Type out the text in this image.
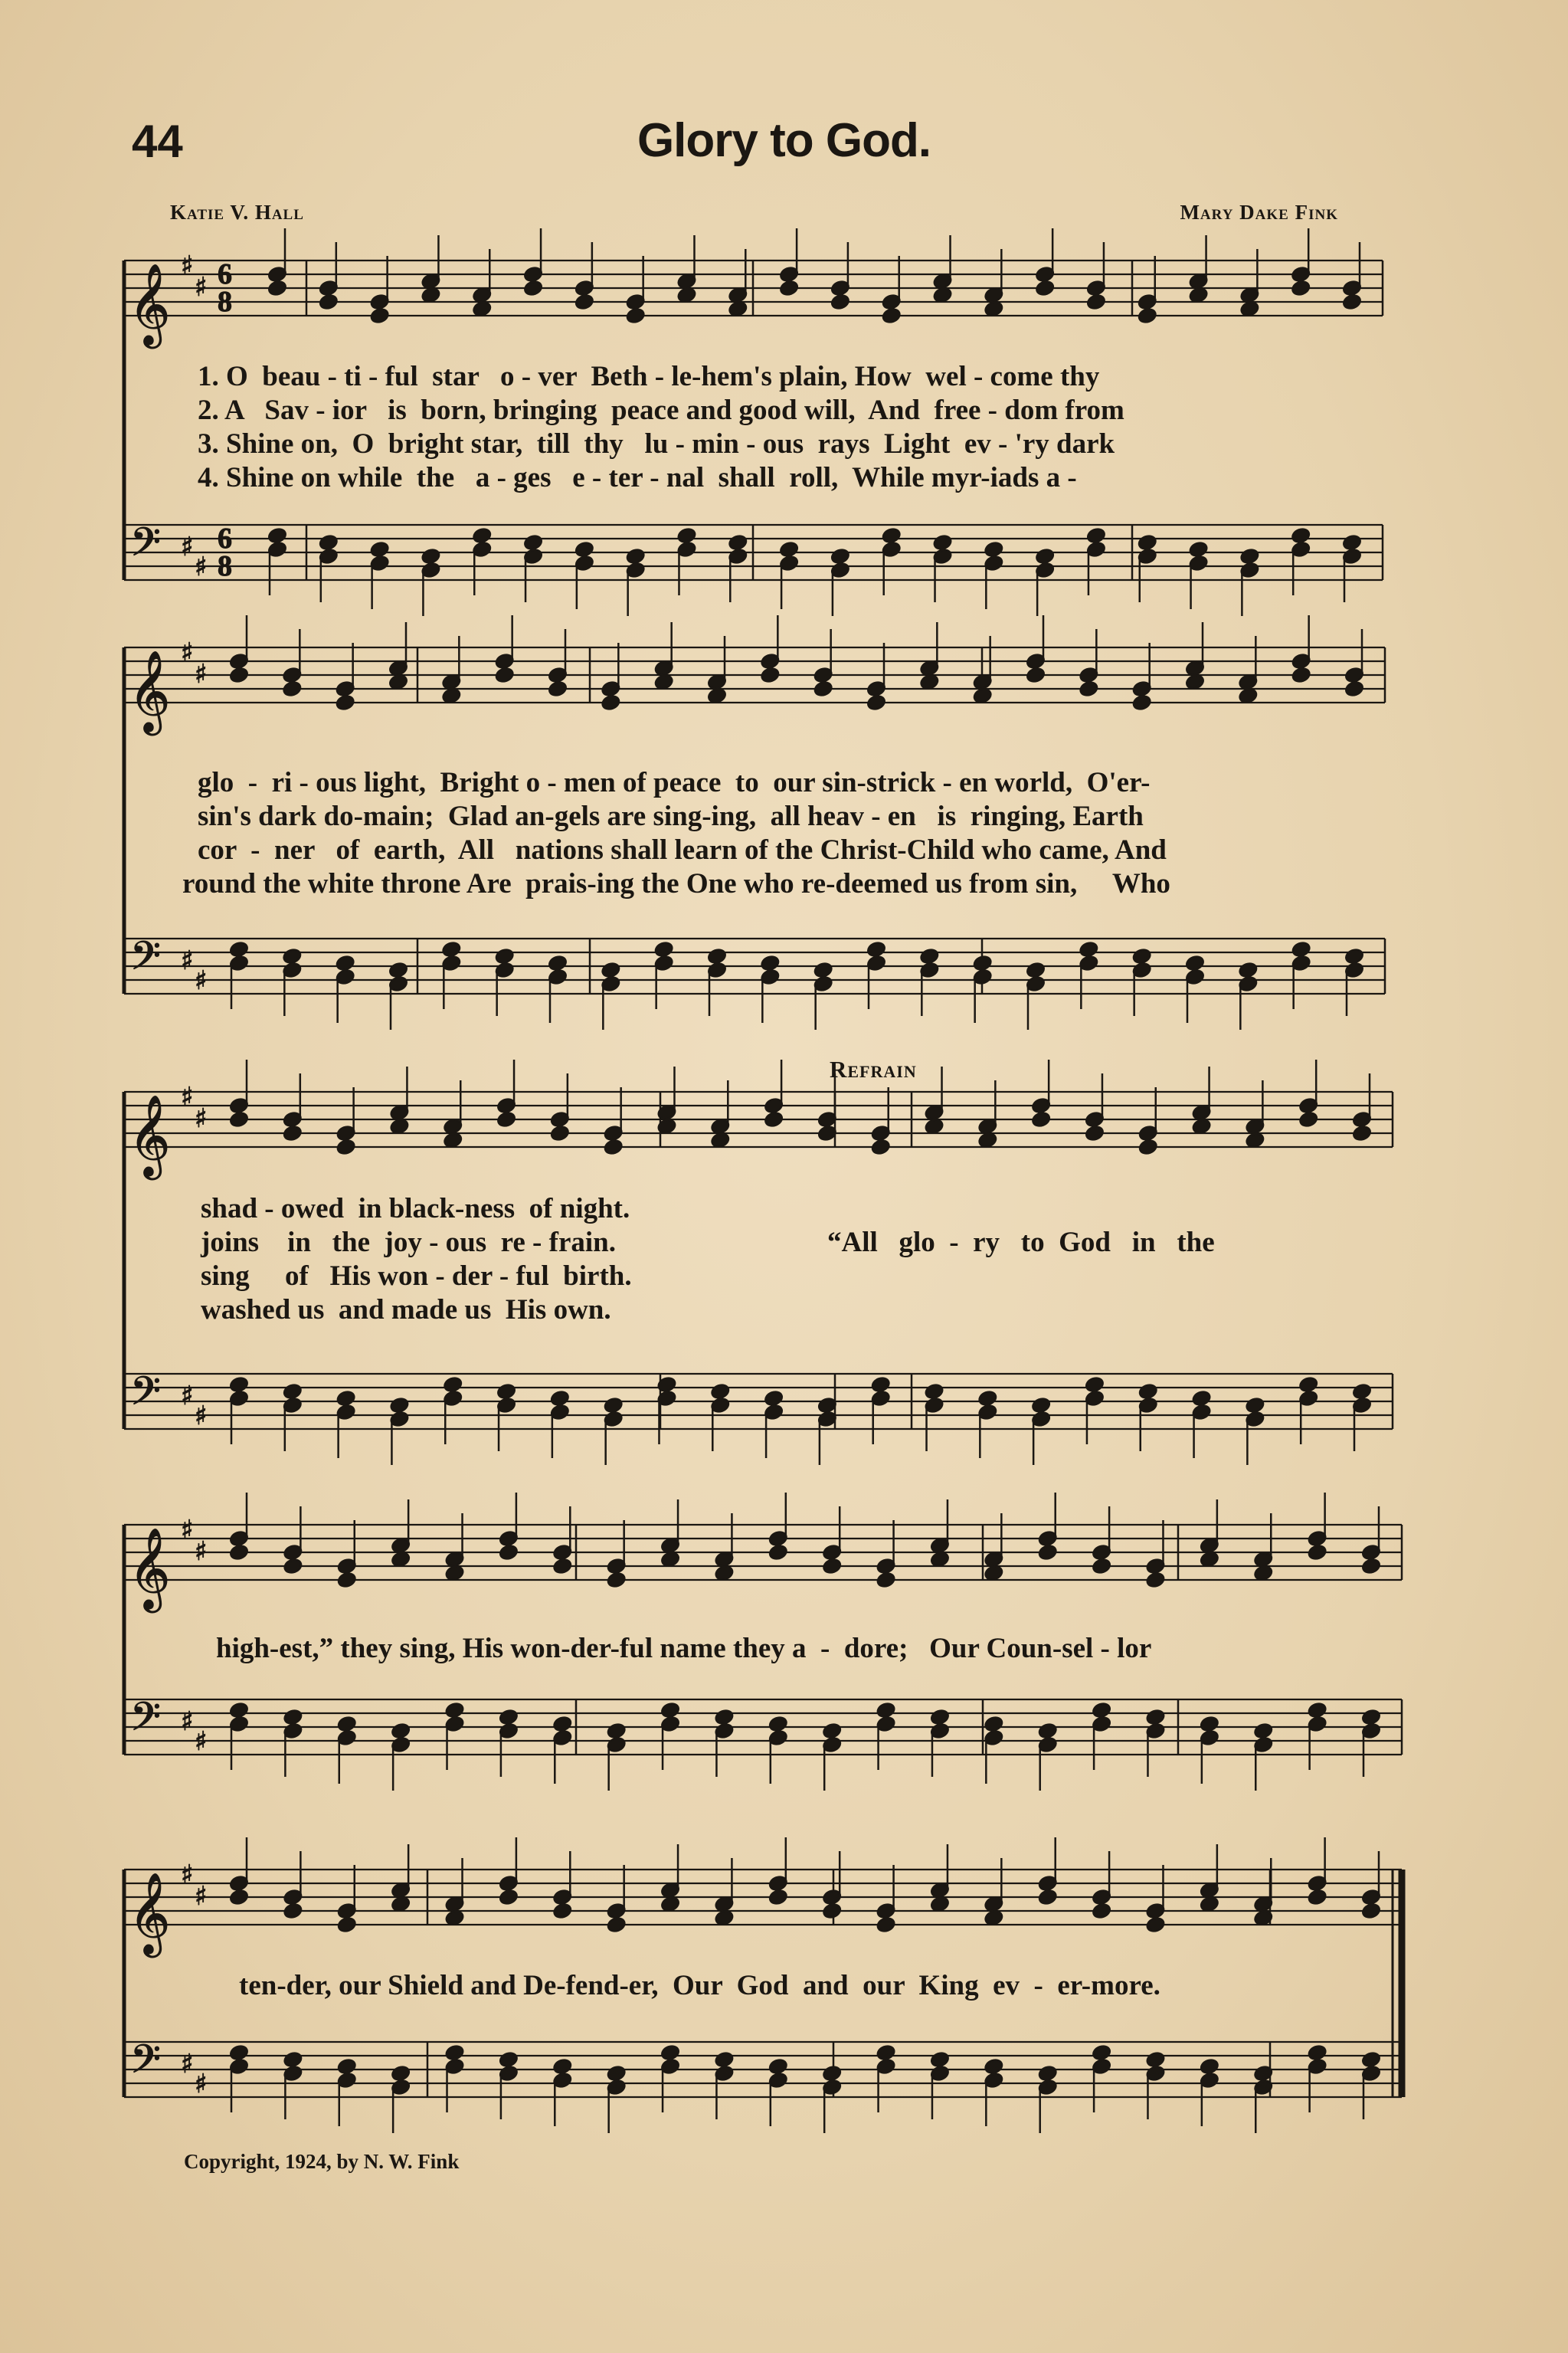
44	Glory to God.
Katie V. Hall	Mary Dake Fink
𝄞
𝄢
♯
♯
♯
♯
6
8
6
8
𝄞
𝄢
♯
♯
♯
♯
𝄞
𝄢
♯
♯
♯
♯
𝄞
𝄢
♯
♯
♯
♯
𝄞
𝄢
♯
♯
♯
♯
1. O  beau - ti - ful  star   o - ver  Beth - le-hem's plain, How  wel - come thy
2. A   Sav - ior   is  born, bringing  peace and good will,  And  free - dom from
3. Shine on,  O  bright star,  till  thy   lu - min - ous  rays  Light  ev - 'ry dark
4. Shine on while  the   a - ges   e - ter - nal  shall  roll,  While myr-iads a -
glo  -  ri - ous light,  Bright o - men of peace  to  our sin-strick - en world,  O'er-
sin's dark do-main;  Glad an-gels are sing-ing,  all heav - en   is  ringing, Earth
cor  -  ner   of  earth,  All   nations shall learn of the Christ-Child who came, And
round the white throne Are  prais-ing the One who re-deemed us from sin,     Who
Refrain
shad - owed  in black-ness  of night.
joins    in   the  joy - ous  re - frain.
sing     of   His won - der - ful  birth.
washed us  and made us  His own.
“All   glo  -  ry   to  God   in   the
high-est,” they sing, His won-der-ful name they a  -  dore;   Our Coun-sel - lor
ten-der, our Shield and De-fend-er,  Our  God  and  our  King  ev  -  er-more.
Copyright, 1924, by N. W. Fink
